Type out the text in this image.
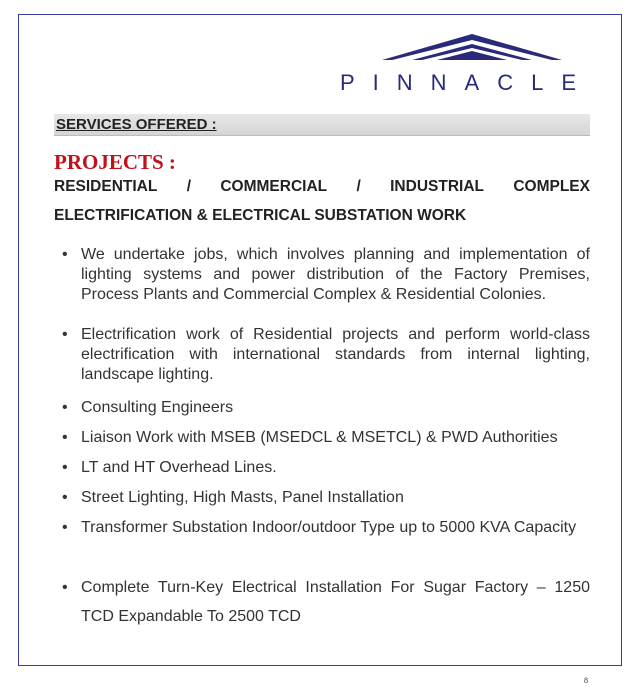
PINNACLE
SERVICES OFFERED :
PROJECTS :
RESIDENTIAL / COMMERCIAL / INDUSTRIAL COMPLEX
ELECTRIFICATION & ELECTRICAL SUBSTATION WORK
• We undertake jobs, which involves planning and implementation of lighting systems and power distribution of the Factory Premises, Process Plants and Commercial Complex & Residential Colonies.
• Electrification work of Residential projects and perform world-class electrification with international standards from internal lighting, landscape lighting.
• Consulting Engineers
• Liaison Work with MSEB (MSEDCL & MSETCL) & PWD Authorities
• LT and HT Overhead Lines.
• Street Lighting, High Masts, Panel Installation
• Transformer Substation Indoor/outdoor Type up to 5000 KVA Capacity
• Complete Turn-Key Electrical Installation For Sugar Factory – 1250 TCD Expandable To 2500 TCD
8
